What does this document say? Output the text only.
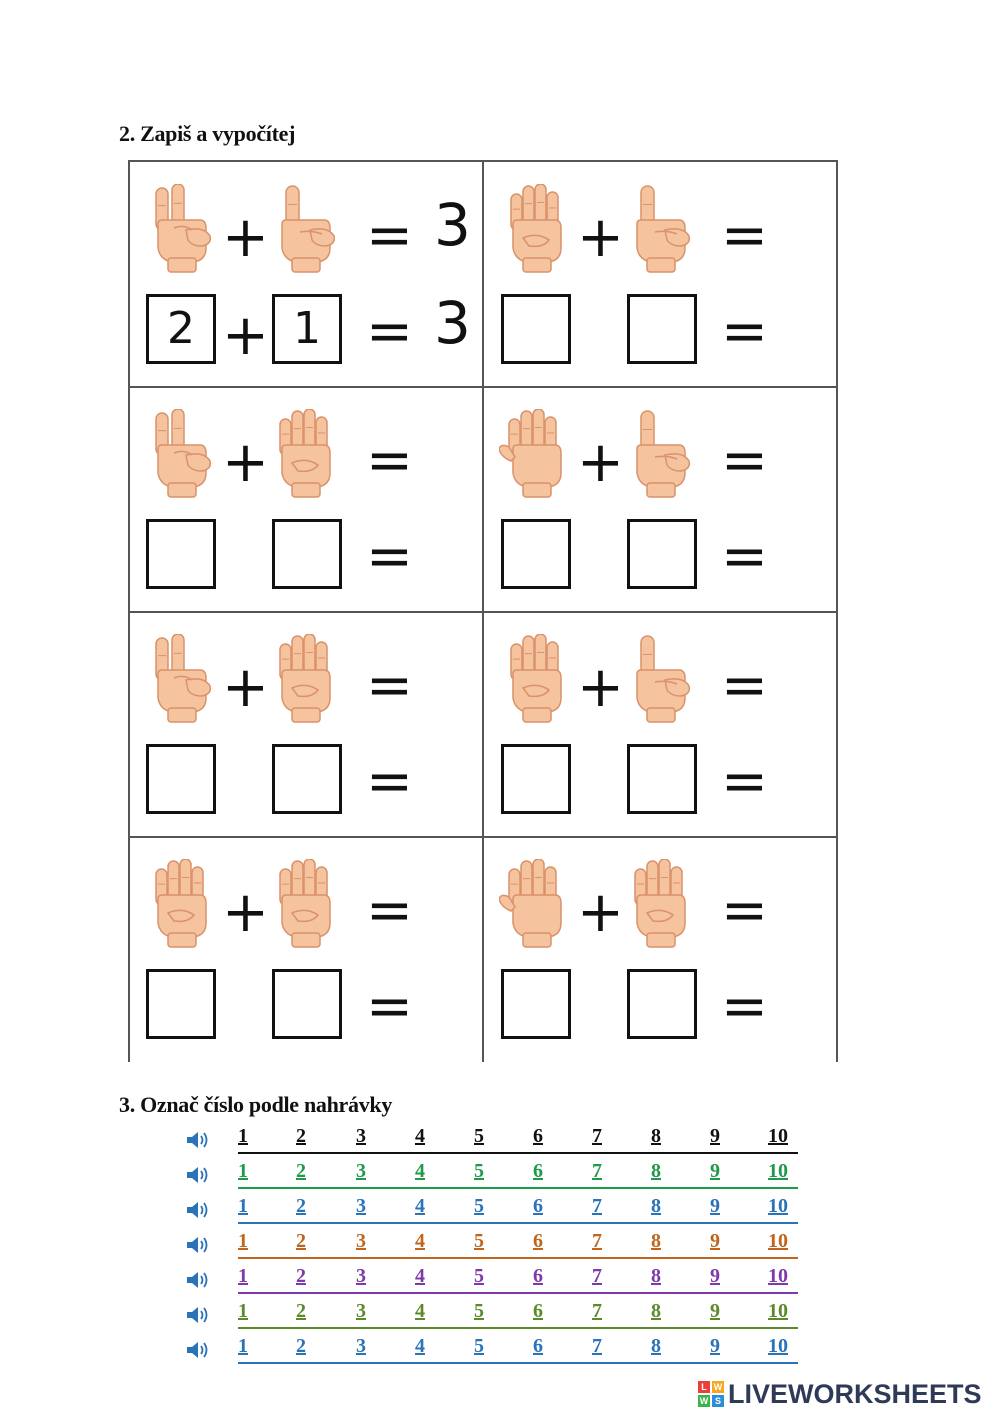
2. Zapiš a vypočítej
+ = 3
2 + 1 = 3
+ =
=
+ =
=
+ =
=
+ =
=
+ =
=
+ =
=
+ =
=
3. Označ číslo podle nahrávky
1 2	3 4 5 6 7 8 9 10
1 2	3 4 5 6 7 8 9 10
1 2	3 4 5 6 7 8 9 10
1 2	3 4 5 6 7 8 9 10
1 2	3 4 5 6 7 8 9 10
1 2	3 4 5 6 7 8 9 10
1 2	3 4 5 6 7 8 9 10
L W
W S LIVEWORKSHEETS
